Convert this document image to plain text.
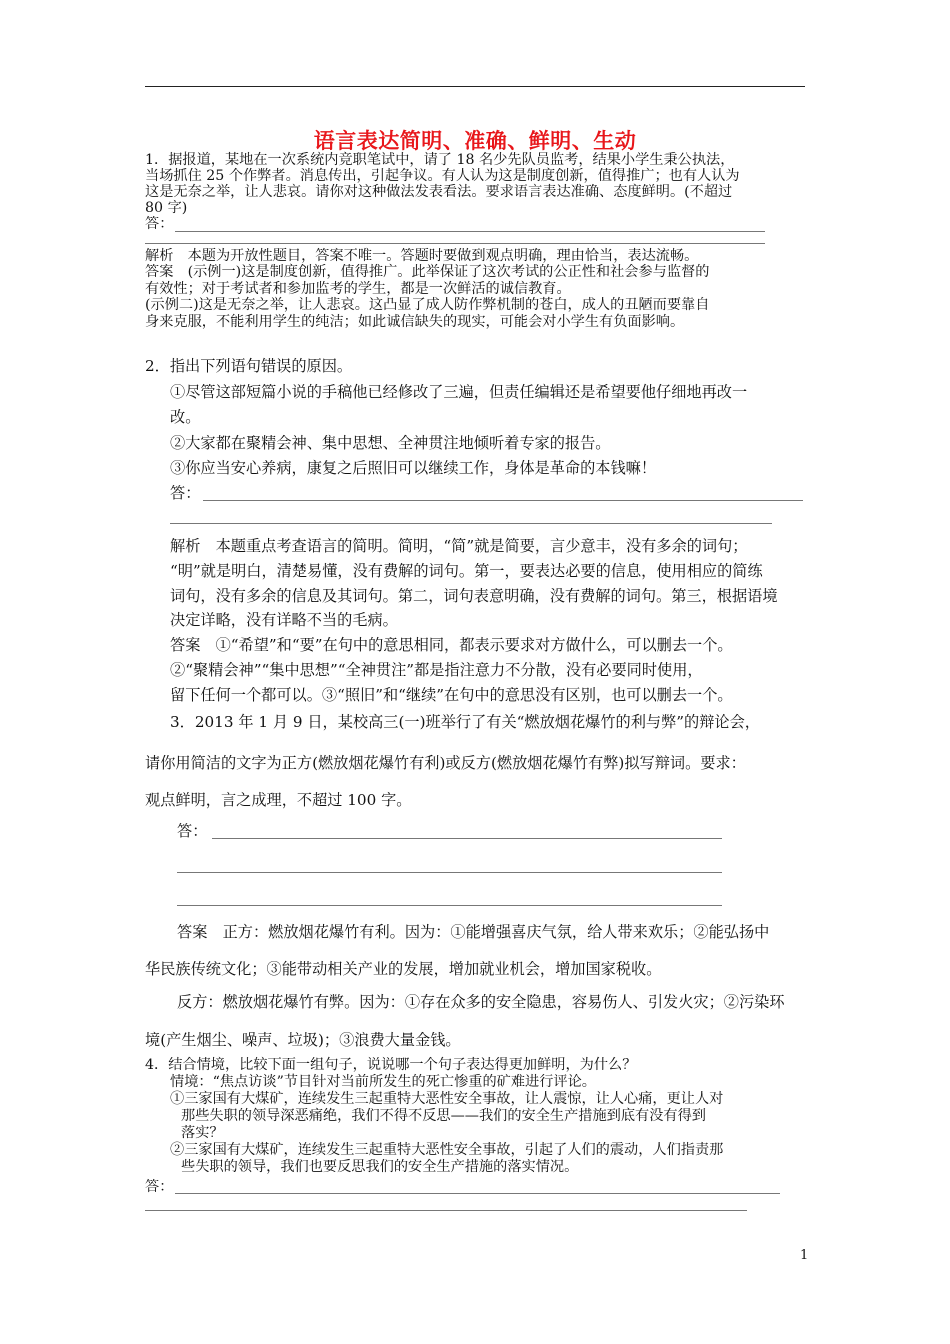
语言表达简明、准确、鲜明、生动
1．据报道，某地在一次系统内竞职笔试中，请了 18 名少先队员监考，结果小学生秉公执法，
当场抓住 25 个作弊者。消息传出，引起争议。有人认为这是制度创新，值得推广；也有人认为
这是无奈之举，让人悲哀。请你对这种做法发表看法。要求语言表达准确、态度鲜明。(不超过
80 字)
答：
解析　本题为开放性题目，答案不唯一。答题时要做到观点明确，理由恰当，表达流畅。
答案　(示例一)这是制度创新，值得推广。此举保证了这次考试的公正性和社会参与监督的
有效性；对于考试者和参加监考的学生，都是一次鲜活的诚信教育。
(示例二)这是无奈之举，让人悲哀。这凸显了成人防作弊机制的苍白，成人的丑陋而要靠自
身来克服，不能利用学生的纯洁；如此诚信缺失的现实，可能会对小学生有负面影响。
2．指出下列语句错误的原因。
①尽管这部短篇小说的手稿他已经修改了三遍，但责任编辑还是希望要他仔细地再改一
改。
②大家都在聚精会神、集中思想、全神贯注地倾听着专家的报告。
③你应当安心养病，康复之后照旧可以继续工作，身体是革命的本钱嘛！
答：
解析　本题重点考查语言的简明。简明，“简”就是简要，言少意丰，没有多余的词句；
“明”就是明白，清楚易懂，没有费解的词句。第一，要表达必要的信息，使用相应的简练
词句，没有多余的信息及其词句。第二，词句表意明确，没有费解的词句。第三，根据语境
决定详略，没有详略不当的毛病。
答案　①“希望”和“要”在句中的意思相同，都表示要求对方做什么，可以删去一个。
②“聚精会神”“集中思想”“全神贯注”都是指注意力不分散，没有必要同时使用，
留下任何一个都可以。③“照旧”和“继续”在句中的意思没有区别，也可以删去一个。
3．2013 年 1 月 9 日，某校高三(一)班举行了有关“燃放烟花爆竹的利与弊”的辩论会，
请你用简洁的文字为正方(燃放烟花爆竹有利)或反方(燃放烟花爆竹有弊)拟写辩词。要求：
观点鲜明，言之成理，不超过 100 字。
答：
答案　正方：燃放烟花爆竹有利。因为：①能增强喜庆气氛，给人带来欢乐；②能弘扬中
华民族传统文化；③能带动相关产业的发展，增加就业机会，增加国家税收。
反方：燃放烟花爆竹有弊。因为：①存在众多的安全隐患，容易伤人、引发火灾；②污染环
境(产生烟尘、噪声、垃圾)；③浪费大量金钱。
4．结合情境，比较下面一组句子，说说哪一个句子表达得更加鲜明，为什么？
情境：“焦点访谈”节目针对当前所发生的死亡惨重的矿难进行评论。
①三家国有大煤矿，连续发生三起重特大恶性安全事故，让人震惊，让人心痛，更让人对
那些失职的领导深恶痛绝，我们不得不反思——我们的安全生产措施到底有没有得到
落实？
②三家国有大煤矿，连续发生三起重特大恶性安全事故，引起了人们的震动，人们指责那
些失职的领导，我们也要反思我们的安全生产措施的落实情况。
答：
1
